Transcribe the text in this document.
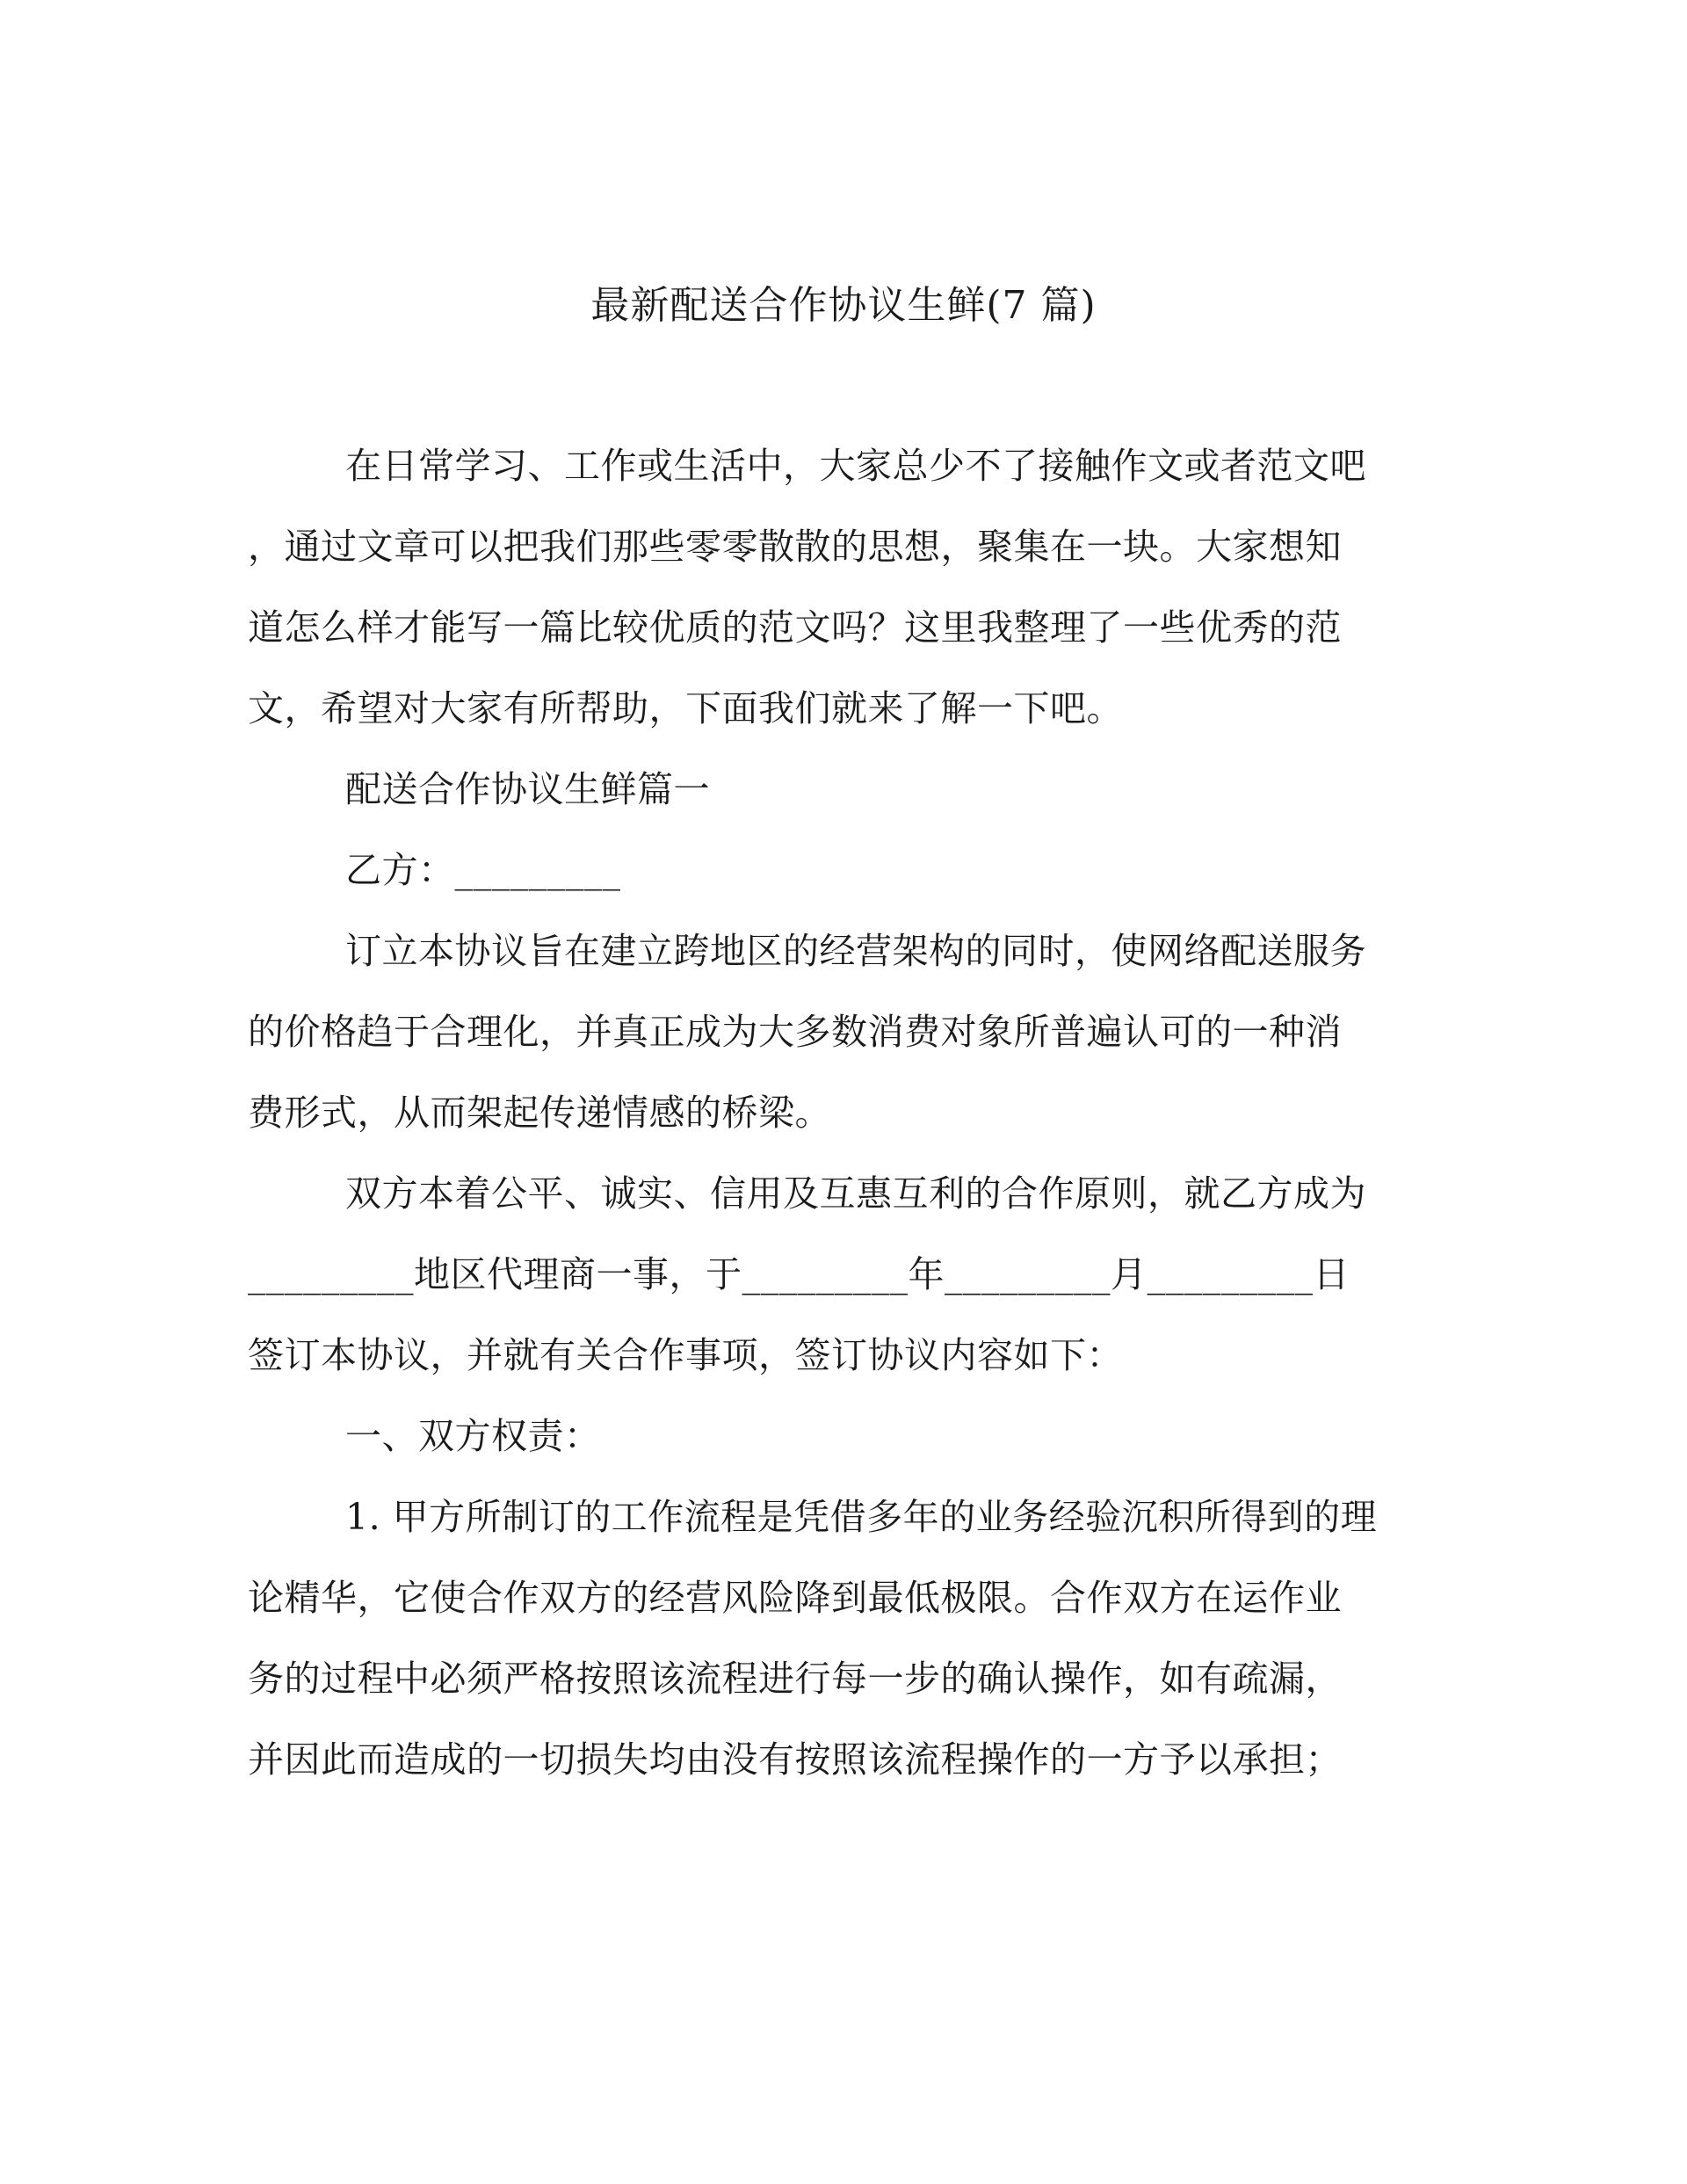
最新配送合作协议生鲜(7 篇)
在日常学习、工作或生活中，大家总少不了接触作文或者范文吧
，通过文章可以把我们那些零零散散的思想，聚集在一块。大家想知
道怎么样才能写一篇比较优质的范文吗？这里我整理了一些优秀的范
文，希望对大家有所帮助，下面我们就来了解一下吧。
配送合作协议生鲜篇一
乙方：_________
订立本协议旨在建立跨地区的经营架构的同时，使网络配送服务
的价格趋于合理化，并真正成为大多数消费对象所普遍认可的一种消
费形式，从而架起传递情感的桥梁。
双方本着公平、诚实、信用及互惠互利的合作原则，就乙方成为
_________地区代理商一事，于_________年_________月_________日
签订本协议，并就有关合作事项，签订协议内容如下：
一、双方权责：
1. 甲方所制订的工作流程是凭借多年的业务经验沉积所得到的理
论精华，它使合作双方的经营风险降到最低极限。合作双方在运作业
务的过程中必须严格按照该流程进行每一步的确认操作，如有疏漏，
并因此而造成的一切损失均由没有按照该流程操作的一方予以承担；
